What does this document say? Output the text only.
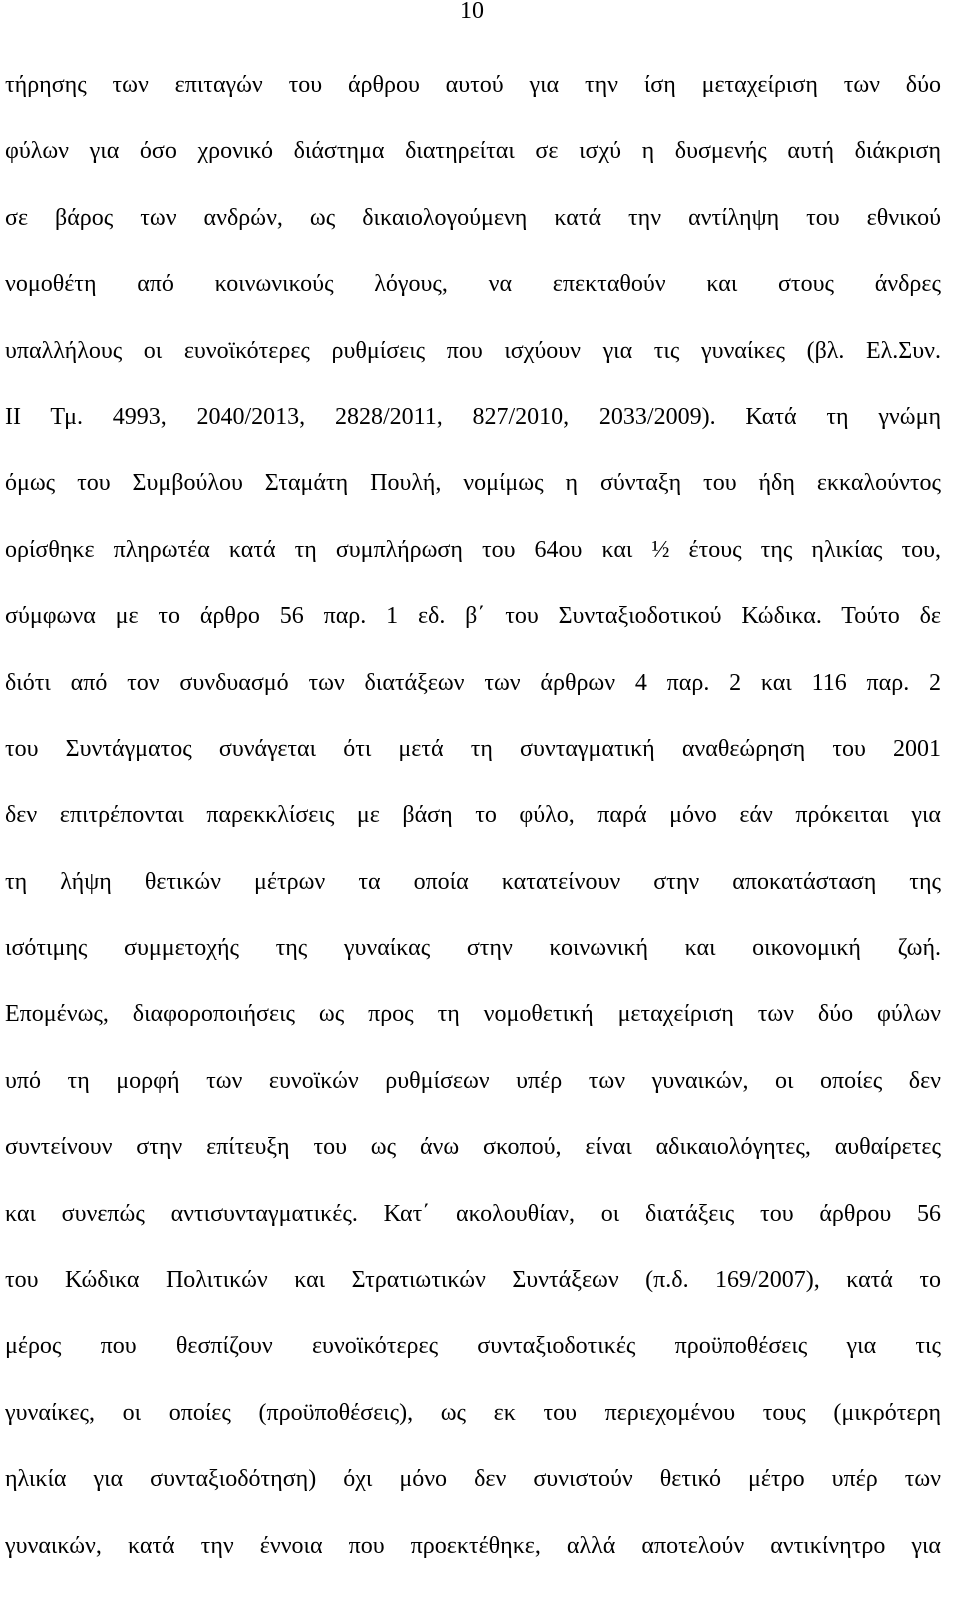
10
τήρησης των επιταγών του άρθρου αυτού για την ίση μεταχείριση των δύο
φύλων για όσο χρονικό διάστημα διατηρείται σε ισχύ η δυσμενής αυτή διάκριση
σε βάρος των ανδρών, ως δικαιολογούμενη κατά την αντίληψη του εθνικού
νομοθέτη από κοινωνικούς λόγους, να επεκταθούν και στους άνδρες
υπαλλήλους οι ευνοϊκότερες ρυθμίσεις που ισχύουν για τις γυναίκες (βλ. Ελ.Συν.
ΙΙ Τμ. 4993, 2040/2013, 2828/2011, 827/2010, 2033/2009). Κατά τη γνώμη
όμως του Συμβούλου Σταμάτη Πουλή, νομίμως η σύνταξη του ήδη εκκαλούντος
ορίσθηκε πληρωτέα κατά τη συμπλήρωση του 64ου και ½ έτους της ηλικίας του,
σύμφωνα με το άρθρο 56 παρ. 1 εδ. β΄ του Συνταξιοδοτικού Κώδικα. Τούτο δε
διότι από τον συνδυασμό των διατάξεων των άρθρων 4 παρ. 2 και 116 παρ. 2
του Συντάγματος συνάγεται ότι μετά τη συνταγματική αναθεώρηση του 2001
δεν επιτρέπονται παρεκκλίσεις με βάση το φύλο, παρά μόνο εάν πρόκειται για
τη λήψη θετικών μέτρων τα οποία κατατείνουν στην αποκατάσταση της
ισότιμης συμμετοχής της γυναίκας στην κοινωνική και οικονομική ζωή.
Επομένως, διαφοροποιήσεις ως προς τη νομοθετική μεταχείριση των δύο φύλων
υπό τη μορφή των ευνοϊκών ρυθμίσεων υπέρ των γυναικών, οι οποίες δεν
συντείνουν στην επίτευξη του ως άνω σκοπού, είναι αδικαιολόγητες, αυθαίρετες
και συνεπώς αντισυνταγματικές. Κατ΄ ακολουθίαν, οι διατάξεις του άρθρου 56
του Κώδικα Πολιτικών και Στρατιωτικών Συντάξεων (π.δ. 169/2007), κατά το
μέρος που θεσπίζουν ευνοϊκότερες συνταξιοδοτικές προϋποθέσεις για τις
γυναίκες, οι οποίες (προϋποθέσεις), ως εκ του περιεχομένου τους (μικρότερη
ηλικία για συνταξιοδότηση) όχι μόνο δεν συνιστούν θετικό μέτρο υπέρ των
γυναικών, κατά την έννοια που προεκτέθηκε, αλλά αποτελούν αντικίνητρο για
